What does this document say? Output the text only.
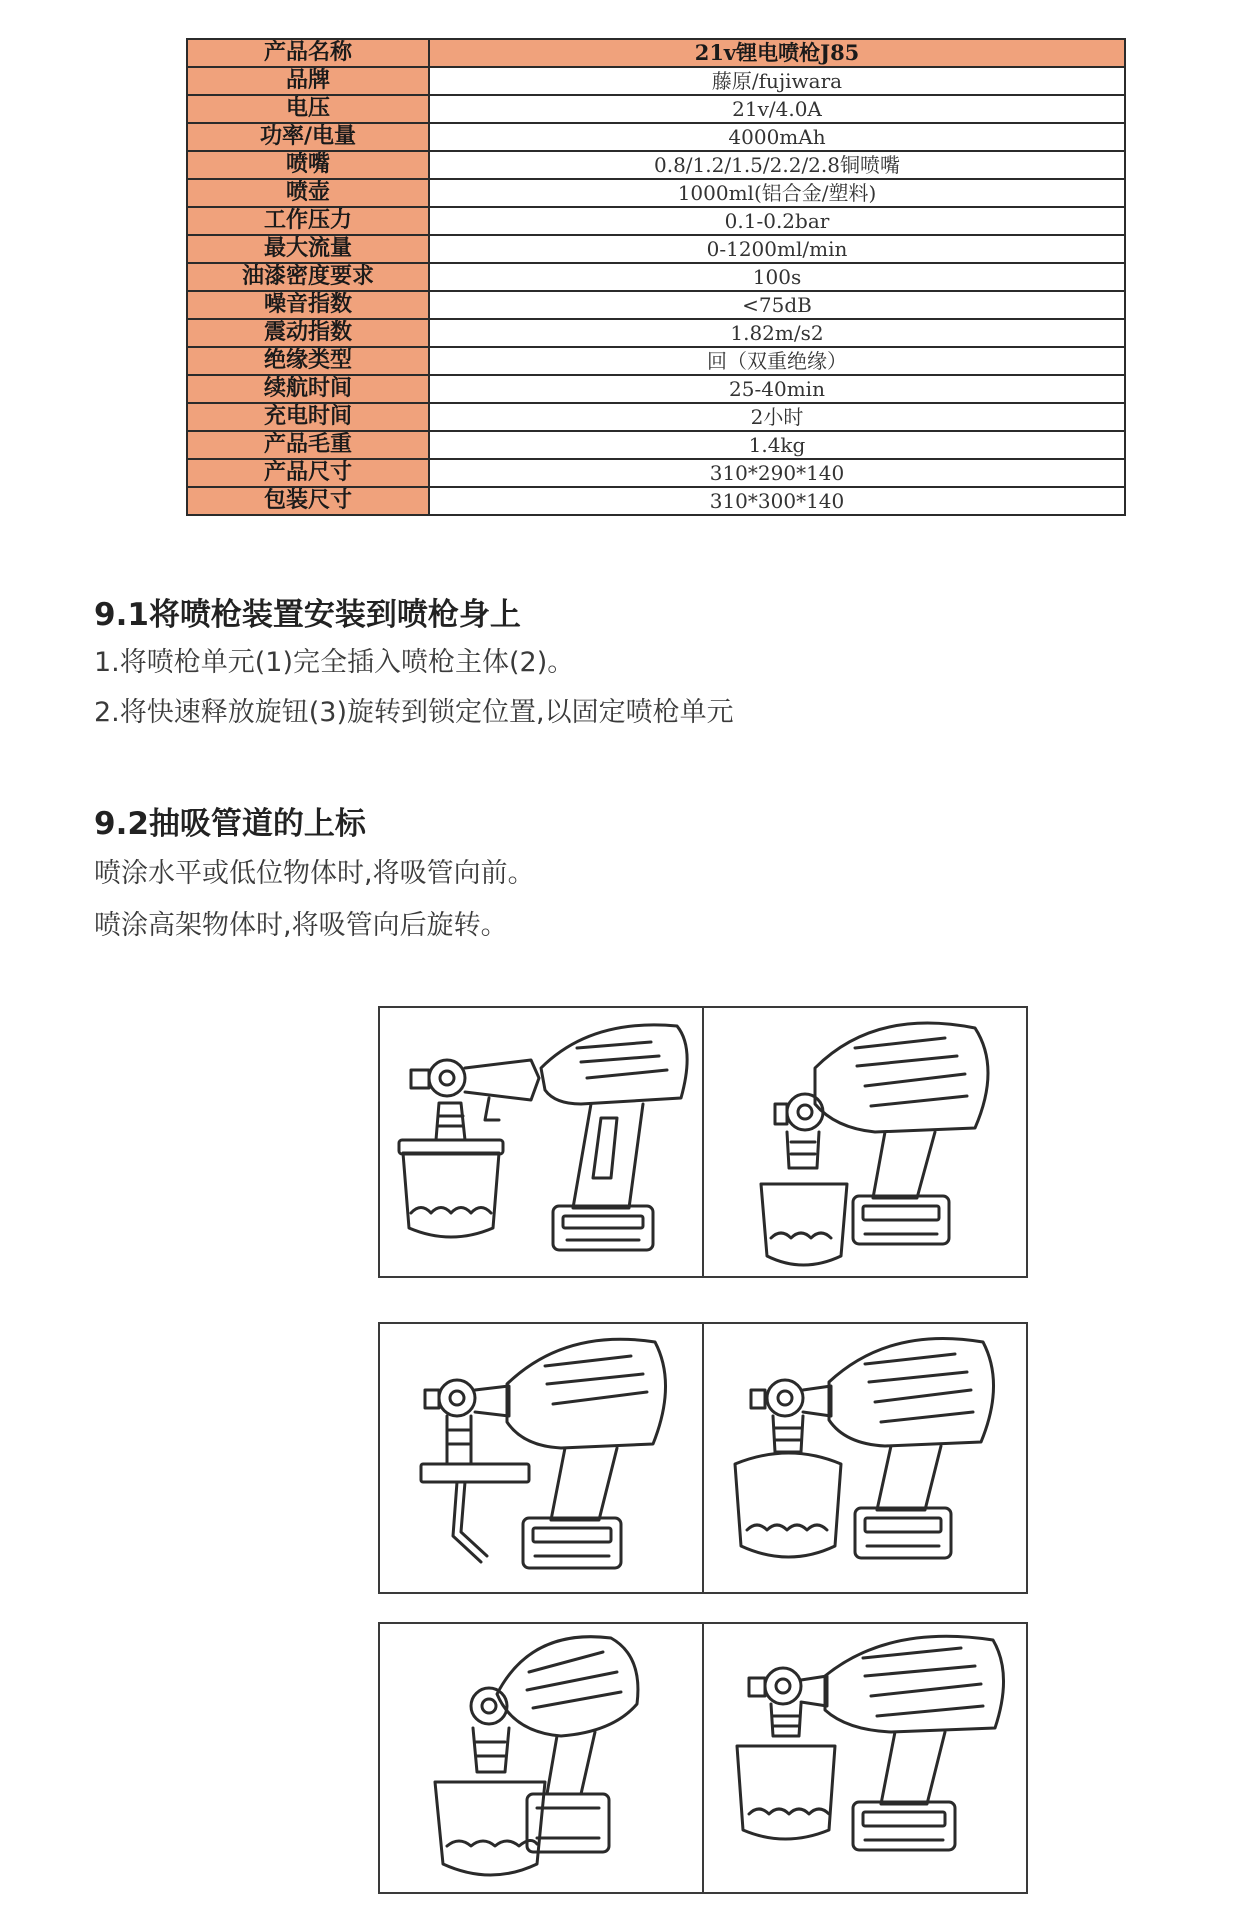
产品名称	21v锂电喷枪J85
品牌	藤原/fujiwara
电压	21v/4.0A
功率/电量	4000mAh
喷嘴	0.8/1.2/1.5/2.2/2.8铜喷嘴
喷壶	1000ml(铝合金/塑料)
工作压力	0.1-0.2bar
最大流量	0-1200ml/min
油漆密度要求	100s
噪音指数	<75dB
震动指数	1.82m/s2
绝缘类型	回（双重绝缘）
续航时间	25-40min
充电时间	2小时
产品毛重	1.4kg
产品尺寸	310*290*140
包装尺寸	310*300*140
9.1将喷枪装置安装到喷枪身上

1.将喷枪单元(1)完全插入喷枪主体(2)。

2.将快速释放旋钮(3)旋转到锁定位置,以固定喷枪单元

9.2抽吸管道的上标

喷涂水平或低位物体时,将吸管向前。

喷涂高架物体时,将吸管向后旋转。
